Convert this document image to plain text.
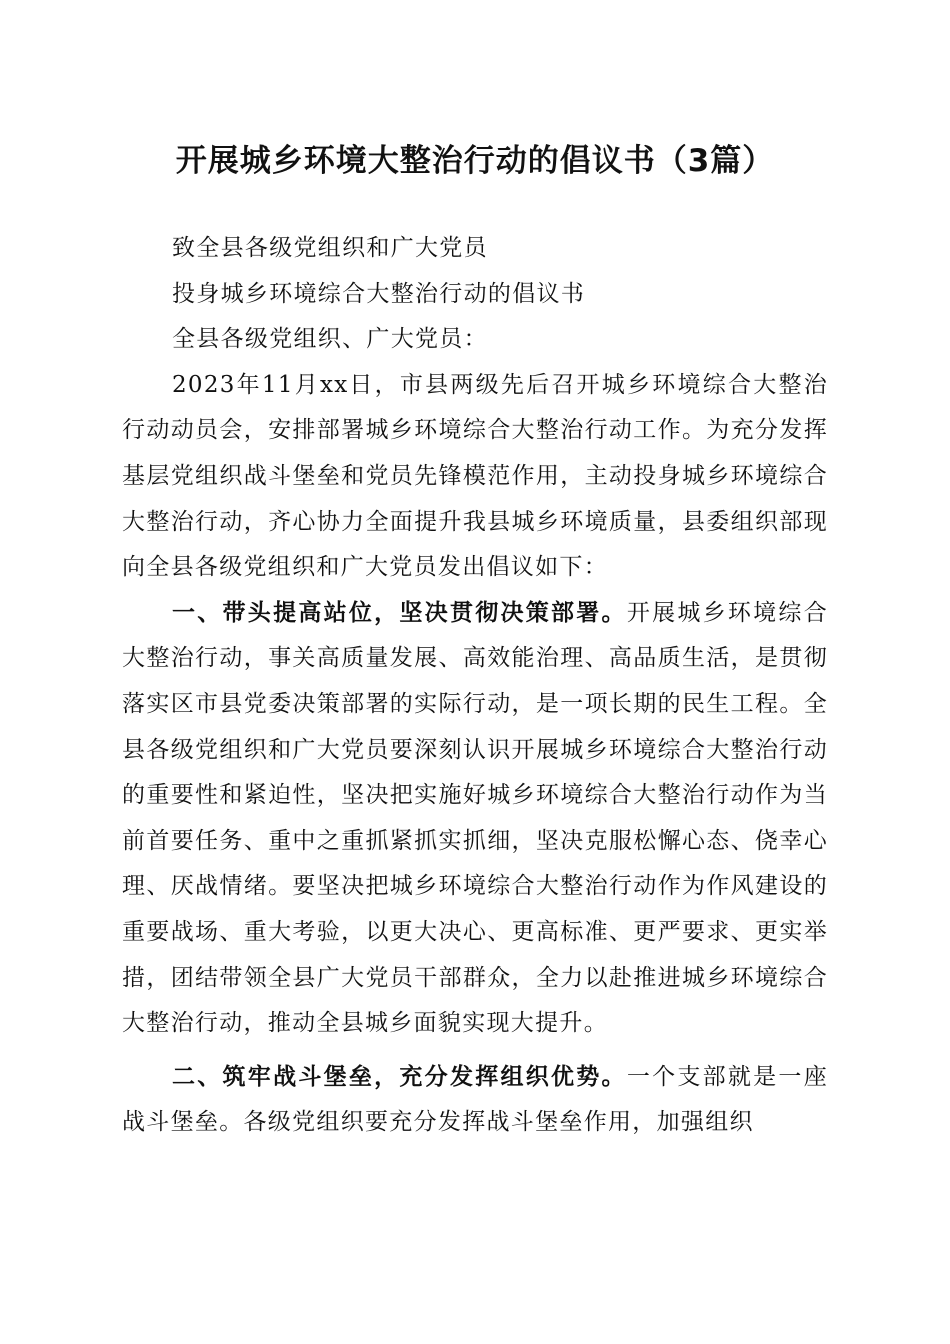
开展城乡环境大整治行动的倡议书（3篇）

致全县各级党组织和广大党员

投身城乡环境综合大整治行动的倡议书

全县各级党组织、广大党员：

2023年11月xx日，市县两级先后召开城乡环境综合大整治行动动员会，安排部署城乡环境综合大整治行动工作。为充分发挥基层党组织战斗堡垒和党员先锋模范作用，主动投身城乡环境综合大整治行动，齐心协力全面提升我县城乡环境质量，县委组织部现向全县各级党组织和广大党员发出倡议如下：

一、带头提高站位，坚决贯彻决策部署。开展城乡环境综合大整治行动，事关高质量发展、高效能治理、高品质生活，是贯彻落实区市县党委决策部署的实际行动，是一项长期的民生工程。全县各级党组织和广大党员要深刻认识开展城乡环境综合大整治行动的重要性和紧迫性，坚决把实施好城乡环境综合大整治行动作为当前首要任务、重中之重抓紧抓实抓细，坚决克服松懈心态、侥幸心理、厌战情绪。要坚决把城乡环境综合大整治行动作为作风建设的重要战场、重大考验，以更大决心、更高标准、更严要求、更实举措，团结带领全县广大党员干部群众，全力以赴推进城乡环境综合大整治行动，推动全县城乡面貌实现大提升。

二、筑牢战斗堡垒，充分发挥组织优势。一个支部就是一座战斗堡垒。各级党组织要充分发挥战斗堡垒作用，加强组织
